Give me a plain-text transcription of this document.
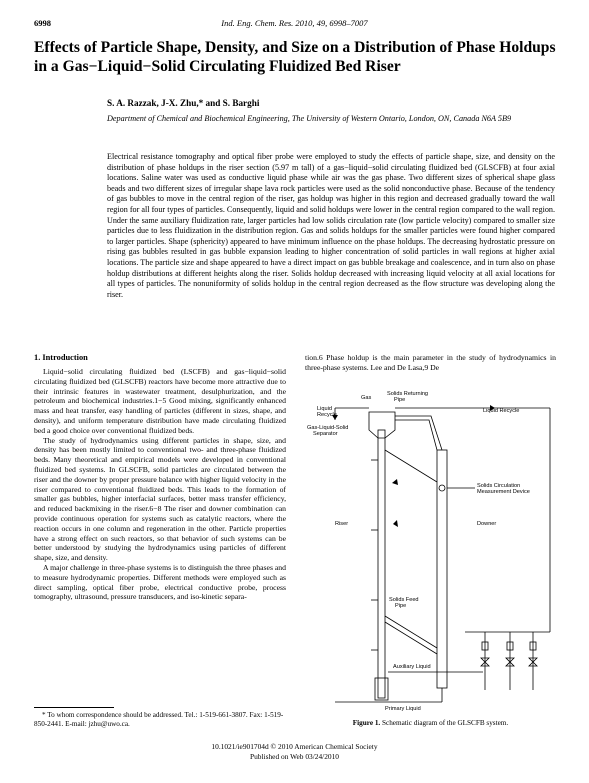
6998	Ind. Eng. Chem. Res. 2010, 49, 6998–7007
Effects of Particle Shape, Density, and Size on a Distribution of Phase Holdups in a Gas−Liquid−Solid Circulating Fluidized Bed Riser
S. A. Razzak, J-X. Zhu,* and S. Barghi
Department of Chemical and Biochemical Engineering, The University of Western Ontario, London, ON, Canada N6A 5B9
Electrical resistance tomography and optical fiber probe were employed to study the effects of particle shape, size, and density on the distribution of phase holdups in the riser section (5.97 m tall) of a gas−liquid−solid circulating fluidized bed (GLSCFB) at four axial locations. Saline water was used as conductive liquid phase while air was the gas phase. Two different sizes of spherical shape glass beads and two different sizes of irregular shape lava rock particles were used as the solid nonconductive phase. Because of the tendency of gas bubbles to move in the central region of the riser, gas holdup was higher in this region and decreased gradually toward the wall region for all four types of particles. Consequently, liquid and solid holdups were lower in the central region compared to the wall region. Under the same auxiliary fluidization rate, larger particles had low solids circulation rate (low particle velocity) compared to smaller size particles due to less fluidization in the distribution region. Gas and solids holdups for the smaller particles were found higher compared to larger particles. Shape (sphericity) appeared to have minimum influence on the phase holdups. The decreasing hydrostatic pressure on rising gas bubbles resulted in gas bubble expansion leading to higher concentration of solid particles in wall regions at higher axial locations. The particle size and shape appeared to have a direct impact on gas bubble breakage and coalescence, and in turn also on phase holdup distributions at different heights along the riser. Solids holdup decreased with increasing liquid velocity at all axial locations for all types of particles. The nonuniformity of solids holdup in the central region decreased as the flow structure was developing along the riser.
1. Introduction

Liquid−solid circulating fluidized bed (LSCFB) and gas−liquid−solid circulating fluidized bed (GLSCFB) reactors have become more attractive due to their intrinsic features in wastewater treatment, desulphurization, and the petroleum and biochemical industries.1−5 Good mixing, significantly enhanced mass and heat transfer, easy handling of particles (different in sizes, shape, and density), and uniform temperature distribution have made circulating fluidized bed a good choice over conventional fluidized beds.

The study of hydrodynamics using different particles in shape, size, and density has been mostly limited to conventional two- and three-phase fluidized beds. Many theoretical and empirical models were developed in conventional fluidized bed systems. In GLSCFB, solid particles are circulated between the riser and the downer by proper pressure balance with higher liquid velocity in the riser compared to conventional fluidized beds. This leads to the formation of smaller gas bubbles, higher interfacial surfaces, better mass transfer efficiency, and reduced backmixing in the riser.6−8 The riser and downer combination can provide continuous operation for systems such as catalytic reactors, where the reaction occurs in one column and regeneration in the other. Particle properties have a strong effect on such reactors, so that behavior of such systems can be better understood by studying the hydrodynamics using particles of different shape, size, and density.

A major challenge in three-phase systems is to distinguish the three phases and to measure hydrodynamic properties. Different methods were employed such as direct sampling, optical fiber probe, electrical conductive probe, process tomography, ultrasound, pressure transducers, and iso-kinetic separa-

* To whom correspondence should be addressed. Tel.: 1-519-661-3807. Fax: 1-519-850-2441. E-mail: jzhu@uwo.ca.

tion.6 Phase holdup is the main parameter in the study of hydrodynamics in three-phase systems. Lee and De Lasa,9 De

Gas
Solids Returning
Pipe
Liquid
Recycle
Liquid Recycle
Gas-Liquid-Solid
Separator
Solids Circulation
Measurement Device
Riser	Downer
Solids Feed
Pipe
Auxiliary Liquid
Primary Liquid
Figure 1. Schematic diagram of the GLSCFB system.
10.1021/ie901704d © 2010 American Chemical Society
Published on Web 03/24/2010
